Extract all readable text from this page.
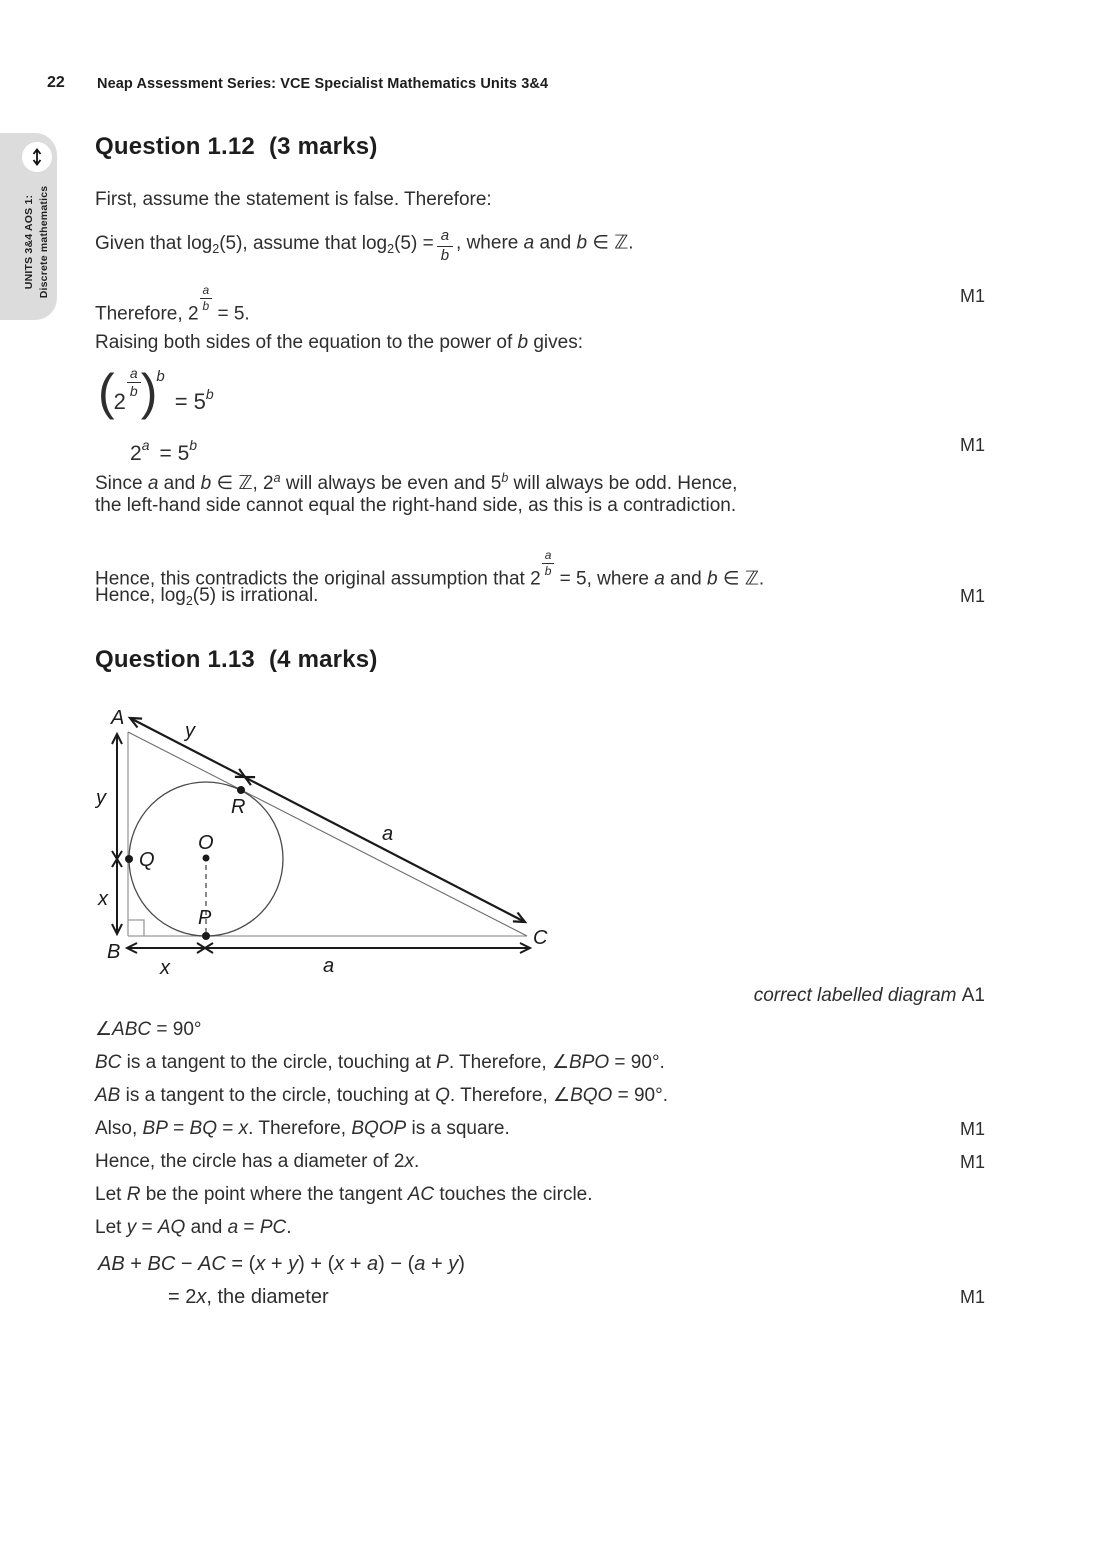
22 Neap Assessment Series: VCE Specialist Mathematics Units 3&4
UNITS 3&4 AOS 1: Discrete mathematics
Question 1.12 (3 marks)
First, assume the statement is false. Therefore:
Given that $\log_2(5)$, assume that $\log_2(5) = \frac{a}{b}$ , where a and b ∈ ℤ.
Therefore, 2
$\frac{a}{b}$
= 5.
M1
Raising both sides of the equation to the power of b gives:
(2
$\frac{a}{b} )^b= 5^b$
$2^a = 5^b$	M1
Since a and b ∈ ℤ, 2$^a$ will always be even and 5$^b$ will always be odd. Hence,
the left-hand side cannot equal the right-hand side, as this is a contradiction.
Hence, this contradicts the original assumption that 2
$\frac{a}{b}$
= 5, where a and b ∈ ℤ.
Hence, $\log_2(5)$ is irrational.	M1
Question 1.13 (4 marks)
A
B
C
O
P
Q
R
y
a
y
x
x	a
correct labelled diagram A1
∠ABC = 90°
BC is a tangent to the circle, touching at P. Therefore, ∠BPO = 90°.
AB is a tangent to the circle, touching at Q. Therefore, ∠BQO = 90°.
Also, BP = BQ = x. Therefore, BQOP is a square.	M1
Hence, the circle has a diameter of 2x.	M1
Let R be the point where the tangent AC touches the circle.
Let y = AQ and a = PC.
AB + BC − AC = (x + y) + (x + a) − (a + y)
= 2x, the diameter	M1
